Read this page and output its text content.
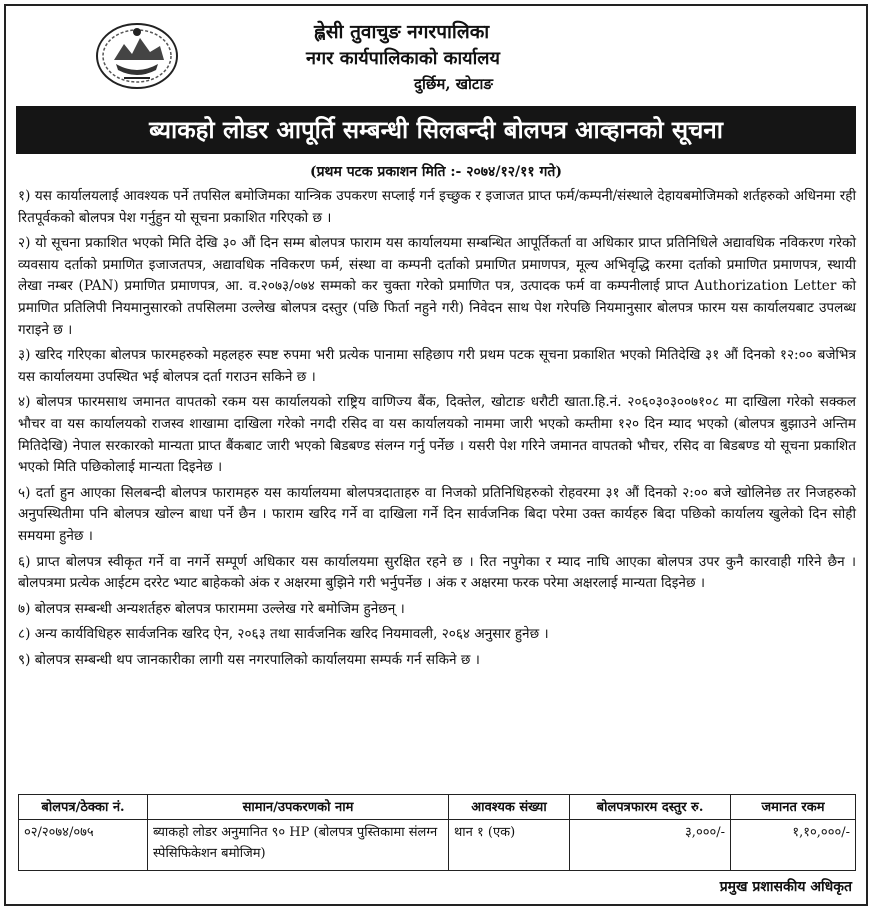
ह्लेसी तुवाचुङ नगरपालिका
नगर कार्यपालिकाको कार्यालय
दुर्छिम, खोटाङ
ब्याकहो लोडर आपूर्ति सम्बन्धी सिलबन्दी बोलपत्र आव्हानको सूचना
(प्रथम पटक प्रकाशन मिति :- २०७४/१२/११ गते)

१) यस कार्यालयलाई आवश्यक पर्ने तपसिल बमोजिमका यान्त्रिक उपकरण सप्लाई गर्न इच्छुक र इजाजत प्राप्त फर्म/कम्पनी/संस्थाले देहायबमोजिमको शर्तहरुको अधिनमा रही रितपूर्वकको बोलपत्र पेश गर्नुहुन यो सूचना प्रकाशित गरिएको छ ।

२) यो सूचना प्रकाशित भएको मिति देखि ३० औं दिन सम्म बोलपत्र फाराम यस कार्यालयमा सम्बन्धित आपूर्तिकर्ता वा अधिकार प्राप्त प्रतिनिधिले अद्यावधिक नविकरण गरेको व्यवसाय दर्ताको प्रमाणित इजाजतपत्र, अद्यावधिक नविकरण फर्म, संस्था वा कम्पनी दर्ताको प्रमाणित प्रमाणपत्र, मूल्य अभिवृद्धि करमा दर्ताको प्रमाणित प्रमाणपत्र, स्थायी लेखा नम्बर (PAN) प्रमाणित प्रमाणपत्र, आ. व.२०७३/०७४ सम्मको कर चुक्ता गरेको प्रमाणित पत्र, उत्पादक फर्म वा कम्पनीलाई प्राप्त Authorization Letter को प्रमाणित प्रतिलिपी नियमानुसारको तपसिलमा उल्लेख बोलपत्र दस्तुर (पछि फिर्ता नहुने गरी) निवेदन साथ पेश गरेपछि नियमानुसार बोलपत्र फारम यस कार्यालयबाट उपलब्ध गराइने छ ।

३) खरिद गरिएका बोलपत्र फारमहरुको महलहरु स्पष्ट रुपमा भरी प्रत्येक पानामा सहिछाप गरी प्रथम पटक सूचना प्रकाशित भएको मितिदेखि ३१ औं दिनको १२:०० बजेभित्र यस कार्यालयमा उपस्थित भई बोलपत्र दर्ता गराउन सकिने छ ।

४) बोलपत्र फारमसाथ जमानत वापतको रकम यस कार्यालयको राष्ट्रिय वाणिज्य बैंक, दिक्तेल, खोटाङ धरौटी खाता.हि.नं. २०६०३०३००७१०८ मा दाखिला गरेको सक्कल भौचर वा यस कार्यालयको राजस्व शाखामा दाखिला गरेको नगदी रसिद वा यस कार्यालयको नाममा जारी भएको कम्तीमा १२० दिन म्याद भएको (बोलपत्र बुझाउने अन्तिम मितिदेखि) नेपाल सरकारको मान्यता प्राप्त बैंकबाट जारी भएको बिडबण्ड संलग्न गर्नु पर्नेछ । यसरी पेश गरिने जमानत वापतको भौचर, रसिद वा बिडबण्ड यो सूचना प्रकाशित भएको मिति पछिकोलाई मान्यता दिइनेछ ।

५) दर्ता हुन आएका सिलबन्दी बोलपत्र फारामहरु यस कार्यालयमा बोलपत्रदाताहरु वा निजको प्रतिनिधिहरुको रोहवरमा ३१ औं दिनको २:०० बजे खोलिनेछ तर निजहरुको अनुपस्थितीमा पनि बोलपत्र खोल्न बाधा पर्ने छैन । फाराम खरिद गर्ने वा दाखिला गर्ने दिन सार्वजनिक बिदा परेमा उक्त कार्यहरु बिदा पछिको कार्यालय खुलेको दिन सोही समयमा हुनेछ ।

६) प्राप्त बोलपत्र स्वीकृत गर्ने वा नगर्ने सम्पूर्ण अधिकार यस कार्यालयमा सुरक्षित रहने छ । रित नपुगेका र म्याद नाघि आएका बोलपत्र उपर कुनै कारवाही गरिने छैन । बोलपत्रमा प्रत्येक आईटम दररेट भ्याट बाहेकको अंक र अक्षरमा बुझिने गरी भर्नुपर्नेछ । अंक र अक्षरमा फरक परेमा अक्षरलाई मान्यता दिइनेछ ।

७) बोलपत्र सम्बन्धी अन्यशर्तहरु बोलपत्र फाराममा उल्लेख गरे बमोजिम हुनेछन् ।

८) अन्य कार्यविधिहरु सार्वजनिक खरिद ऐन, २०६३ तथा सार्वजनिक खरिद नियमावली, २०६४ अनुसार हुनेछ ।

९) बोलपत्र सम्बन्धी थप जानकारीका लागी यस नगरपालिको कार्यालयमा सम्पर्क गर्न सकिने छ ।

बोलपत्र/ठेक्का नं.	सामान/उपकरणको नाम	आवश्यक संख्या	बोलपत्रफारम दस्तुर रु.	जमानत रकम
०२/२०७४/०७५	ब्याकहो लोडर अनुमानित ९० HP (बोलपत्र पुस्तिकामा संलग्न स्पेसिफिकेशन बमोजिम)	थान १ (एक)	३,०००/-	१,१०,०००/-
प्रमुख प्रशासकीय अधिकृत
